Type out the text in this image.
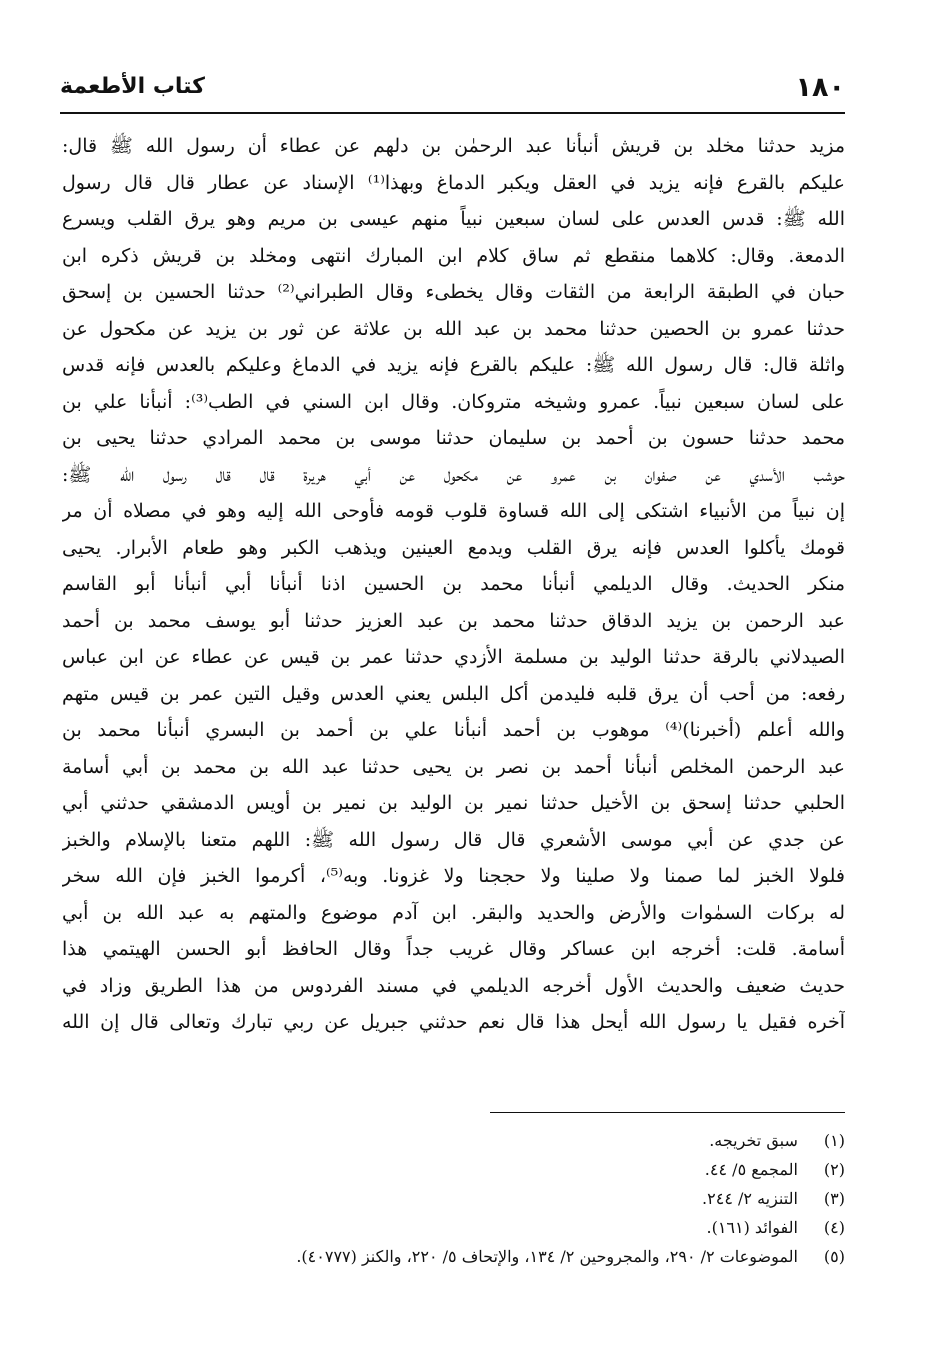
١٨٠
كتاب الأطعمة
مزيد حدثنا مخلد بن قريش أنبأنا عبد الرحمٰن بن دلهم عن عطاء أن رسول الله ﷺ قال:
عليكم بالقرع فإنه يزيد في العقل ويكبر الدماغ وبهذا⁽¹⁾ الإسناد عن عطار قال قال رسول
الله ﷺ: قدس العدس على لسان سبعين نبياً منهم عيسى بن مريم وهو يرق القلب ويسرع
الدمعة. وقال: كلاهما منقطع ثم ساق كلام ابن المبارك انتهى ومخلد بن قريش ذكره ابن
حبان في الطبقة الرابعة من الثقات وقال يخطىء وقال الطبراني⁽²⁾ حدثنا الحسين بن إسحق
حدثنا عمرو بن الحصين حدثنا محمد بن عبد الله بن علاثة عن ثور بن يزيد عن مكحول عن
واثلة قال: قال رسول الله ﷺ: عليكم بالقرع فإنه يزيد في الدماغ وعليكم بالعدس فإنه قدس
على لسان سبعين نبياً. عمرو وشيخه متروكان. وقال ابن السني في الطب⁽³⁾: أنبأنا علي بن
محمد حدثنا حسون بن أحمد بن سليمان حدثنا موسى بن محمد المرادي حدثنا يحيى بن
حوشب الأسدي عن صفوان بن عمرو عن مكحول عن أبي هريرة قال قال رسول الله ﷺ:
إن نبياً من الأنبياء اشتكى إلى الله قساوة قلوب قومه فأوحى الله إليه وهو في مصلاه أن مر
قومك يأكلوا العدس فإنه يرق القلب ويدمع العينين ويذهب الكبر وهو طعام الأبرار. يحيى
منكر الحديث. وقال الديلمي أنبأنا محمد بن الحسين اذنا أنبأنا أبي أنبأنا أبو القاسم
عبد الرحمن بن يزيد الدقاق حدثنا محمد بن عبد العزيز حدثنا أبو يوسف محمد بن أحمد
الصيدلاني بالرقة حدثنا الوليد بن مسلمة الأزدي حدثنا عمر بن قيس عن عطاء عن ابن عباس
رفعه: من أحب أن يرق قلبه فليدمن أكل البلس يعني العدس وقيل التين عمر بن قيس متهم
والله أعلم (أخبرنا)⁽⁴⁾ موهوب بن أحمد أنبأنا علي بن أحمد بن البسري أنبأنا محمد بن
عبد الرحمن المخلص أنبأنا أحمد بن نصر بن يحيى حدثنا عبد الله بن محمد بن أبي أسامة
الحلبي حدثنا إسحق بن الأخيل حدثنا نمير بن الوليد بن نمير بن أويس الدمشقي حدثني أبي
عن جدي عن أبي موسى الأشعري قال قال رسول الله ﷺ: اللهم متعنا بالإسلام والخبز
فلولا الخبز لما صمنا ولا صلينا ولا حججنا ولا غزونا. وبه⁽⁵⁾، أكرموا الخبز فإن الله سخر
له بركات السمٰوات والأرض والحديد والبقر. ابن آدم موضوع والمتهم به عبد الله بن أبي
أسامة. قلت: أخرجه ابن عساكر وقال غريب جداً وقال الحافظ أبو الحسن الهيتمي هذا
حديث ضعيف والحديث الأول أخرجه الديلمي في مسند الفردوس من هذا الطريق وزاد في
آخره فقيل يا رسول الله أيحل هذا قال نعم حدثني جبريل عن ربي تبارك وتعالى قال إن الله
(١) سبق تخريجه.
(٢) المجمع ٥/ ٤٤.
(٣) التنزيه ٢/ ٢٤٤.
(٤) الفوائد (١٦١).
(٥) الموضوعات ٢/ ٢٩٠، والمجروحين ٢/ ١٣٤، والإتحاف ٥/ ٢٢٠، والكنز (٤٠٧٧٧).
